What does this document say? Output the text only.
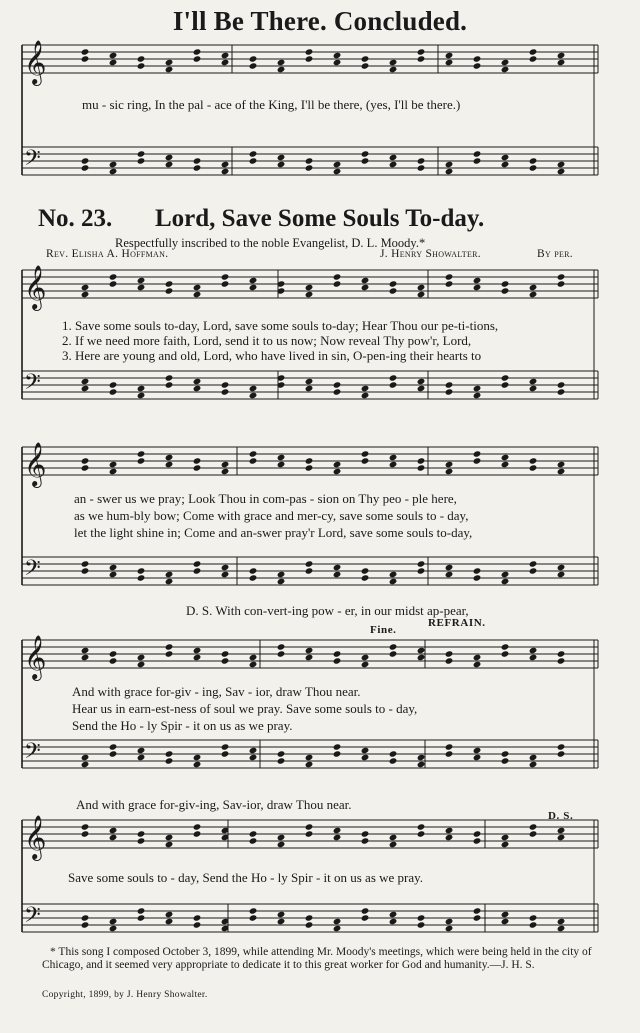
𝄞
𝄢
𝄞
𝄢
𝄞
𝄢
𝄞
𝄢
𝄞
𝄢
I'll Be There. Concluded.
mu - sic ring, In the pal - ace of the King, I'll be there, (yes, I'll be there.)
No. 23. Lord, Save Some Souls To-day.
Respectfully inscribed to the noble Evangelist, D. L. Moody.*
Rev. Elisha A. Hoffman.	J. Henry Showalter.	By per.
1. Save some souls to-day, Lord, save some souls to-day; Hear Thou our pe-ti-tions,
2. If we need more faith, Lord, send it to us now; Now reveal Thy pow'r, Lord,
3. Here are young and old, Lord, who have lived in sin, O-pen-ing their hearts to
an - swer us we pray; Look Thou in com-pas - sion on Thy peo - ple here,
as we hum-bly bow; Come with grace and mer-cy, save some souls to - day,
let the light shine in; Come and an-swer pray'r Lord, save some souls to-day,
D. S. With con-vert-ing pow - er, in our midst ap-pear,
Fine.
REFRAIN.
And with grace for-giv - ing, Sav - ior, draw Thou near.
Hear us in earn-est-ness of soul we pray. Save some souls to - day,
Send the Ho - ly Spir - it on us as we pray.
And with grace for-giv-ing, Sav-ior, draw Thou near.
D. S.
Save some souls to - day, Send the Ho - ly Spir - it on us as we pray.
* This song I composed October 3, 1899, while attending Mr. Moody's meetings, which were being held in the city of Chicago, and it seemed very appropriate to dedicate it to this great worker for God and humanity.—J. H. S.
Copyright, 1899, by J. Henry Showalter.
